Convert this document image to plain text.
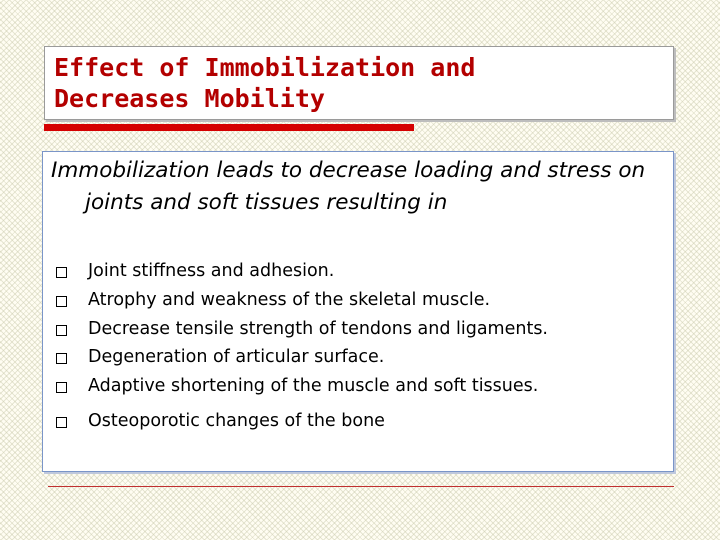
Effect of Immobilization and
Decreases Mobility

Immobilization leads to decrease loading and stress on joints and soft tissues resulting in

Joint stiffness and adhesion.
Atrophy and weakness of the skeletal muscle.
Decrease tensile strength of tendons and ligaments.
Degeneration of articular surface.
Adaptive shortening of the muscle and soft tissues.
Osteoporotic changes of the bone
